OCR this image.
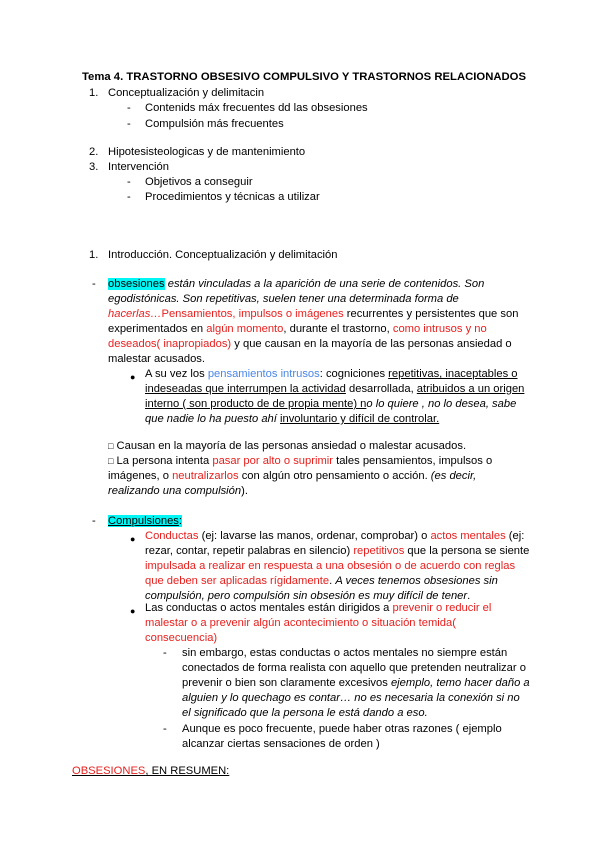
Tema 4. TRASTORNO OBSESIVO COMPULSIVO Y TRASTORNOS RELACIONADOS
1. Conceptualización y delimitacin
- Contenids máx frecuentes dd las obsesiones
- Compulsión más frecuentes
2. Hipotesisteologicas y de mantenimiento
3. Intervención
- Objetivos a conseguir
- Procedimientos y técnicas a utilizar
1. Introducción. Conceptualización y delimitación
- obsesiones están vinculadas a la aparición de una serie de contenidos. Son
egodistónicas. Son repetitivas, suelen tener una determinada forma de
hacerlas…Pensamientos, impulsos o imágenes recurrentes y persistentes que son
experimentados en algún momento, durante el trastorno, como intrusos y no
deseados( inapropiados) y que causan en la mayoría de las personas ansiedad o
malestar acusados.
● A su vez los pensamientos intrusos: cogniciones repetitivas, inaceptables o
indeseadas que interrumpen la actividad desarrollada, atribuidos a un origen
interno ( son producto de de propia mente) no lo quiere , no lo desea, sabe
que nadie lo ha puesto ahí involuntario y difícil de controlar.
□ Causan en la mayoría de las personas ansiedad o malestar acusados.
□ La persona intenta pasar por alto o suprimir tales pensamientos, impulsos o
imágenes, o neutralizarlos con algún otro pensamiento o acción. (es decir,
realizando una compulsión).
- Compulsiones:
● Conductas (ej: lavarse las manos, ordenar, comprobar) o actos mentales (ej:
rezar, contar, repetir palabras en silencio) repetitivos que la persona se siente
impulsada a realizar en respuesta a una obsesión o de acuerdo con reglas
que deben ser aplicadas rígidamente. A veces tenemos obsesiones sin
compulsión, pero compulsión sin obsesión es muy difícil de tener.
● Las conductas o actos mentales están dirigidos a prevenir o reducir el
malestar o a prevenir algún acontecimiento o situación temida(
consecuencia)
- sin embargo, estas conductas o actos mentales no siempre están
conectados de forma realista con aquello que pretenden neutralizar o
prevenir o bien son claramente excesivos ejemplo, temo hacer daño a
alguien y lo quechago es contar… no es necesaria la conexión si no
el significado que la persona le está dando a eso.
- Aunque es poco frecuente, puede haber otras razones ( ejemplo
alcanzar ciertas sensaciones de orden )
OBSESIONES, EN RESUMEN:
